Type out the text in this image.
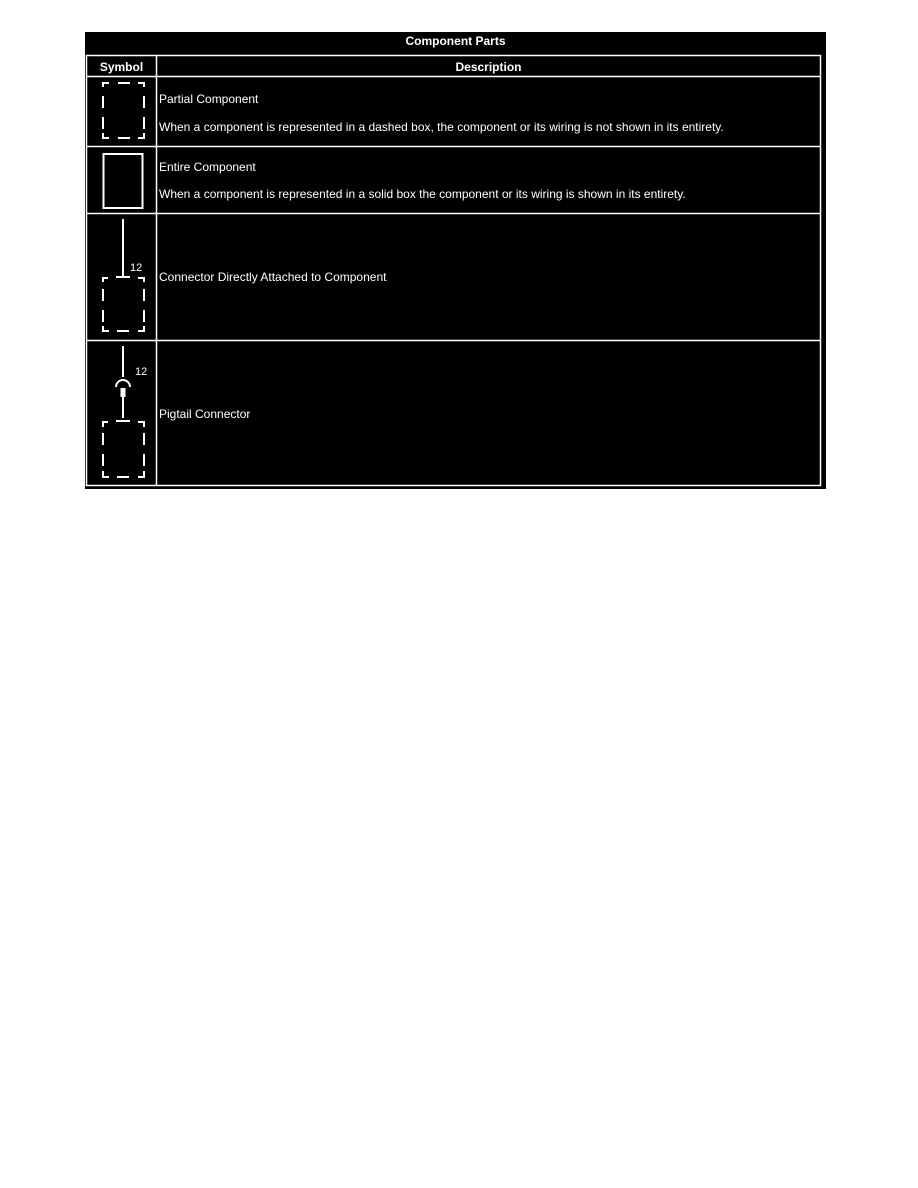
Component Parts
Symbol	Description
12
12
Partial Component
When a component is represented in a dashed box, the component or its wiring is not shown in its entirety.
Entire Component
When a component is represented in a solid box the component or its wiring is shown in its entirety.
Connector Directly Attached to Component
Pigtail Connector
